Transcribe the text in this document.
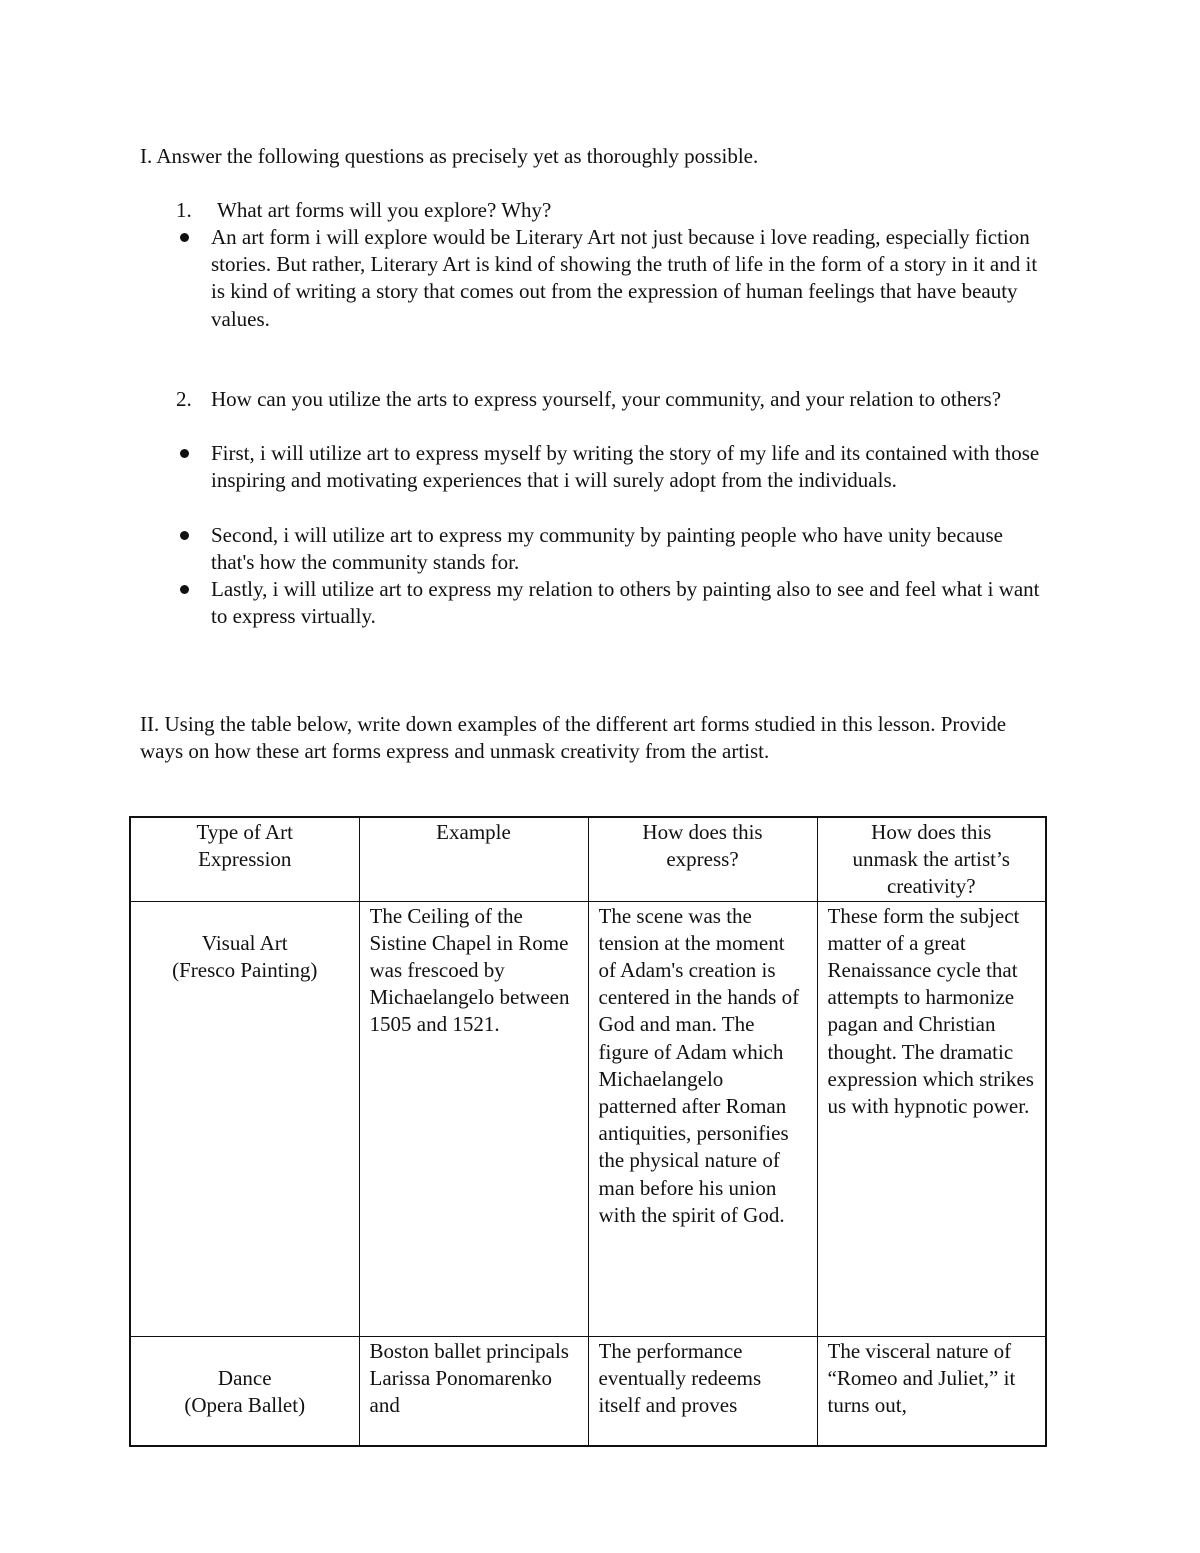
I. Answer the following questions as precisely yet as thoroughly possible.
1. What art forms will you explore? Why?
An art form i will explore would be Literary Art not just because i love reading, especially fiction stories. But rather, Literary Art is kind of showing the truth of life in the form of a story in it and it is kind of writing a story that comes out from the expression of human feelings that have beauty values.
2. How can you utilize the arts to express yourself, your community, and your relation to others?
First, i will utilize art to express myself by writing the story of my life and its contained with those inspiring and motivating experiences that i will surely adopt from the individuals.
Second, i will utilize art to express my community by painting people who have unity because that's how the community stands for.
Lastly, i will utilize art to express my relation to others by painting also to see and feel what i want to express virtually.
II. Using the table below, write down examples of the different art forms studied in this lesson. Provide ways on how these art forms express and unmask creativity from the artist.
Type of Art Expression	Example	How does this express?	How does this unmask the artist’s creativity?

Visual Art
(Fresco Painting)	The Ceiling of the Sistine Chapel in Rome was frescoed by Michaelangelo between 1505 and 1521.	The scene was the tension at the moment of Adam's creation is centered in the hands of God and man. The figure of Adam which Michaelangelo patterned after Roman antiquities, personifies the physical nature of man before his union with the spirit of God.	These form the subject matter of a great Renaissance cycle that attempts to harmonize pagan and Christian thought. The dramatic expression which strikes us with hypnotic power.

Dance
(Opera Ballet)	Boston ballet principals Larissa Ponomarenko and	The performance eventually redeems itself and proves	The visceral nature of “Romeo and Juliet,” it turns out,
